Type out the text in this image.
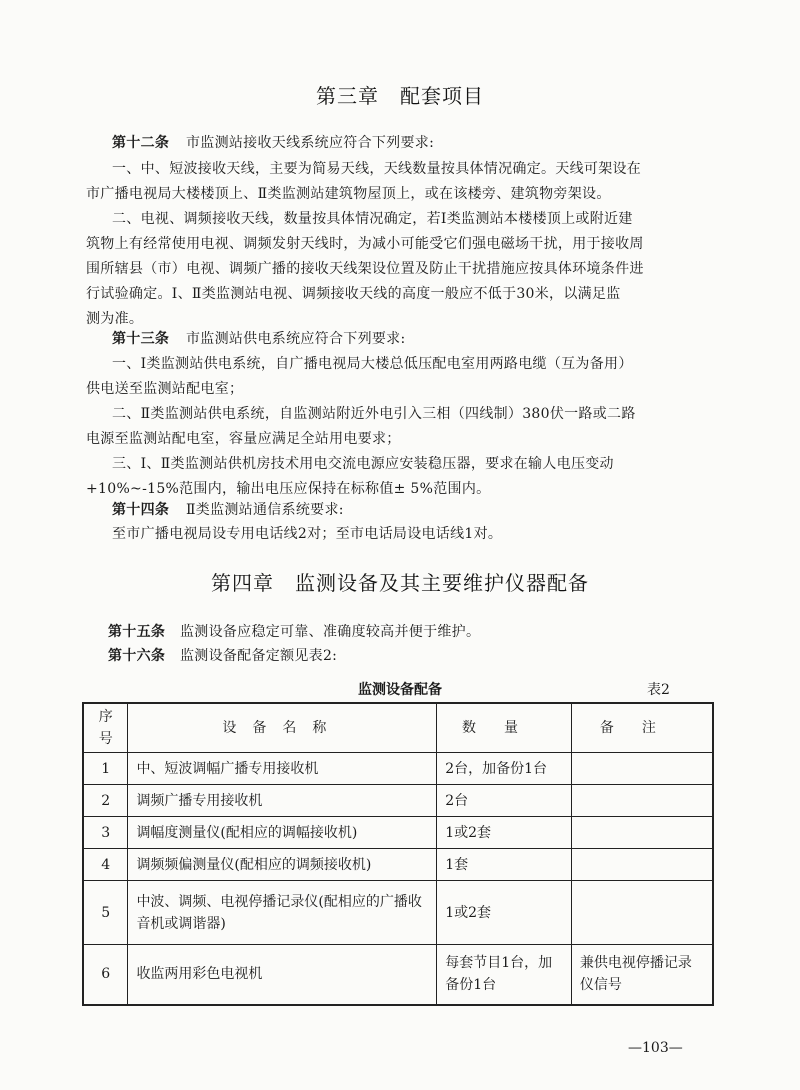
第三章　配套项目
第十二条 市监测站接收天线系统应符合下列要求:
一、中、短波接收天线，主要为简易天线，天线数量按具体情况确定。天线可架设在
市广播电视局大楼楼顶上、Ⅱ类监测站建筑物屋顶上，或在该楼旁、建筑物旁架设。
二、电视、调频接收天线，数量按具体情况确定，若Ⅰ类监测站本楼楼顶上或附近建
筑物上有经常使用电视、调频发射天线时，为减小可能受它们强电磁场干扰，用于接收周
围所辖县（市）电视、调频广播的接收天线架设位置及防止干扰措施应按具体环境条件进
行试验确定。Ⅰ、Ⅱ类监测站电视、调频接收天线的高度一般应不低于30米，以满足监
测为准。
第十三条 市监测站供电系统应符合下列要求:
一、Ⅰ类监测站供电系统，自广播电视局大楼总低压配电室用两路电缆（互为备用）
供电送至监测站配电室；
二、Ⅱ类监测站供电系统，自监测站附近外电引入三相（四线制）380伏一路或二路
电源至监测站配电室，容量应满足全站用电要求；
三、Ⅰ、Ⅱ类监测站供机房技术用电交流电源应安装稳压器，要求在输人电压变动
+10%~-15%范围内，输出电压应保持在标称值± 5%范围内。
第十四条 Ⅱ类监测站通信系统要求:
至市广播电视局设专用电话线2对；至市电话局设电话线1对。
第四章　监测设备及其主要维护仪器配备
第十五条 监测设备应稳定可靠、准确度较高并便于维护。
第十六条 监测设备配备定额见表2:
监测设备配备	表2
序号	设备名称	数量	备注
1	中、短波调幅广播专用接收机	2台，加备份1台	
2	调频广播专用接收机	2台	
3	调幅度测量仪(配相应的调幅接收机)	1或2套	
4	调频频偏测量仪(配相应的调频接收机)	1套	
5	中波、调频、电视停播记录仪(配相应的广播收音机或调谐器)	1或2套	
6	收监两用彩色电视机	每套节目1台，加备份1台	兼供电视停播记录仪信号
—103—
